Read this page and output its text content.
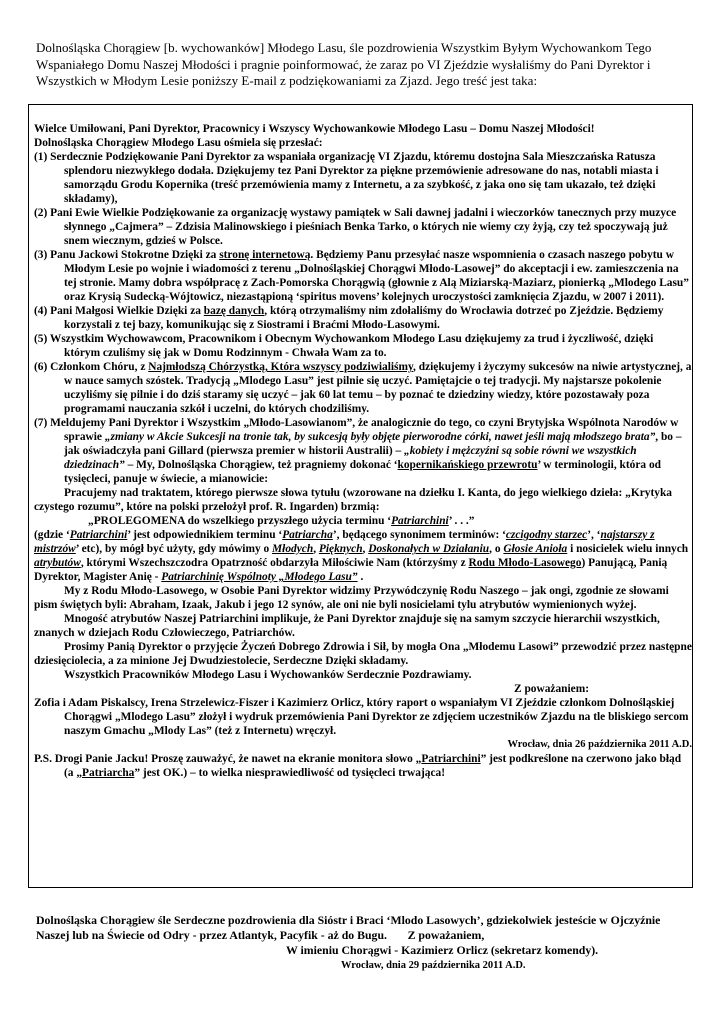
Dolnośląska Chorągiew [b. wychowanków] Młodego Lasu, śle pozdrowienia Wszystkim Byłym Wychowankom Tego Wspaniałego Domu Naszej Młodości i pragnie poinformować, że zaraz po VI Zjeździe wysłaliśmy do Pani Dyrektor i Wszystkich w Młodym Lesie poniższy E-mail z podziękowaniami za Zjazd. Jego treść jest taka:

Wielce Umiłowani, Pani Dyrektor, Pracownicy i Wszyscy Wychowankowie Młodego Lasu – Domu Naszej Młodości!

Dolnośląska Chorągiew Młodego Lasu ośmiela się przesłać:

(1) Serdecznie Podziękowanie Pani Dyrektor za wspaniała organizację VI Zjazdu, któremu dostojna Sala Mieszczańska Ratusza splendoru niezwykłego dodała. Dziękujemy tez Pani Dyrektor za piękne przemówienie adresowane do nas, notabli miasta i samorządu Grodu Kopernika (treść przemówienia mamy z Internetu, a za szybkość, z jaka ono się tam ukazało, też dzięki składamy),

(2) Pani Ewie Wielkie Podziękowanie za organizację wystawy pamiątek w Sali dawnej jadalni i wieczorków tanecznych przy muzyce słynnego „Cajmera” – Zdzisia Malinowskiego i pieśniach Benka Tarko, o których nie wiemy czy żyją, czy też spoczywają już snem wiecznym, gdzieś w Polsce.

(3) Panu Jackowi Stokrotne Dzięki za stronę internetową. Będziemy Panu przesyłać nasze wspomnienia o czasach naszego pobytu w Młodym Lesie po wojnie i wiadomości z terenu „Dolnośląskiej Chorągwi Młodo-Lasowej” do akceptacji i ew. zamieszczenia na tej stronie. Mamy dobra współpracę z Zach-Pomorska Chorągwią (głownie z Alą Miziarską-Maziarz, pionierką „Mlodego Lasu” oraz Krysią Sudecką-Wójtowicz, niezastąpioną ‘spiritus movens’ kolejnych uroczystości zamknięcia Zjazdu, w 2007 i 2011).

(4) Pani Małgosi Wielkie Dzięki za bazę danych, którą otrzymaliśmy nim zdołaliśmy do Wrocławia dotrzeć po Zjeździe. Będziemy korzystali z tej bazy, komunikując się z Siostrami i Braćmi Młodo-Lasowymi.

(5) Wszystkim Wychowawcom, Pracownikom i Obecnym Wychowankom Młodego Lasu dziękujemy za trud i życzliwość, dzięki którym czuliśmy się jak w Domu Rodzinnym - Chwała Wam za to.

(6) Członkom Chóru, z Najmłodszą Chórzystką, Która wszyscy podziwialiśmy, dziękujemy i życzymy sukcesów na niwie artystycznej, a w nauce samych szóstek. Tradycją „Mlodego Lasu” jest pilnie się uczyć. Pamiętajcie o tej tradycji. My najstarsze pokolenie uczyliśmy się pilnie i do dziś staramy się uczyć – jak 60 lat temu – by poznać te dziedziny wiedzy, które pozostawały poza programami nauczania szkół i uczelni, do których chodziliśmy.

(7) Meldujemy Pani Dyrektor i Wszystkim „Młodo-Lasowianom”, że analogicznie do tego, co czyni Brytyjska Wspólnota Narodów w sprawie „zmiany w Akcie Sukcesji na tronie tak, by sukcesją były objęte pierworodne córki, nawet jeśli mają młodszego brata”, bo – jak oświadczyła pani Gillard (pierwsza premier w historii Australii) – „kobiety i mężczyźni są sobie równi we wszystkich dziedzinach” – My, Dolnośląska Chorągiew, też pragniemy dokonać ‘kopernikańskiego przewrotu’ w terminologii, która od tysięcleci, panuje w świecie, a mianowicie:

Pracujemy nad traktatem, którego pierwsze słowa tytułu (wzorowane na dziełku I. Kanta, do jego wielkiego dzieła: „Krytyka czystego rozumu”, które na polski przełożył prof. R. Ingarden) brzmią:

„PROLEGOMENA do wszelkiego przyszłego użycia terminu ‘Patriarchini’ . . .”

(gdzie ‘Patriarchini’ jest odpowiednikiem terminu ‘Patriarcha’, będącego synonimem terminów: ‘czcigodny starzec’, ‘najstarszy z mistrzów’ etc), by mógł być użyty, gdy mówimy o Młodych, Pięknych, Doskonałych w Działaniu, o Głosie Anioła i nosicielek wielu innych atrybutów, którymi Wszechszczodra Opatrzność obdarzyła Miłościwie Nam (którzyśmy z Rodu Młodo-Lasowego) Panującą, Panią Dyrektor, Magister Anię - Patriarchinię Wspólnoty „Młodego Lasu” .

My z Rodu Młodo-Lasowego, w Osobie Pani Dyrektor widzimy Przywódczynię Rodu Naszego – jak ongi, zgodnie ze słowami pism świętych byli: Abraham, Izaak, Jakub i jego 12 synów, ale oni nie byli nosicielami tylu atrybutów wymienionych wyżej.

Mnogość atrybutów Naszej Patriarchini implikuje, że Pani Dyrektor znajduje się na samym szczycie hierarchii wszystkich, znanych w dziejach Rodu Człowieczego, Patriarchów.

Prosimy Panią Dyrektor o przyjęcie Życzeń Dobrego Zdrowia i Sił, by mogła Ona „Młodemu Lasowi” przewodzić przez następne dziesięciolecia, a za minione Jej Dwudziestolecie, Serdeczne Dzięki składamy.

Wszystkich Pracowników Młodego Lasu i Wychowanków Serdecznie Pozdrawiamy.

Z poważaniem:

Zofia i Adam Piskalscy, Irena Strzelewicz-Fiszer i Kazimierz Orlicz, który raport o wspaniałym VI Zjeździe członkom Dolnośląskiej Chorągwi „Mlodego Lasu” złożył i wydruk przemówienia Pani Dyrektor ze zdjęciem uczestników Zjazdu na tle bliskiego sercom naszym Gmachu „Mlody Las” (też z Internetu) wręczył.

Wrocław, dnia 26 października 2011 A.D.

P.S. Drogi Panie Jacku! Proszę zauważyć, że nawet na ekranie monitora słowo „Patriarchini” jest podkreślone na czerwono jako błąd (a „Patriarcha” jest OK.) – to wielka niesprawiedliwość od tysięcleci trwająca!

Dolnośląska Chorągiew śle Serdeczne pozdrowienia dla Sióstr i Braci ‘Mlodo Lasowych’, gdziekolwiek jesteście w Ojczyźnie Naszej lub na Świecie od Odry - przez Atlantyk, Pacyfik - aż do Bugu. Z poważaniem,

W imieniu Chorągwi - Kazimierz Orlicz (sekretarz komendy).

Wrocław, dnia 29 października 2011 A.D.
